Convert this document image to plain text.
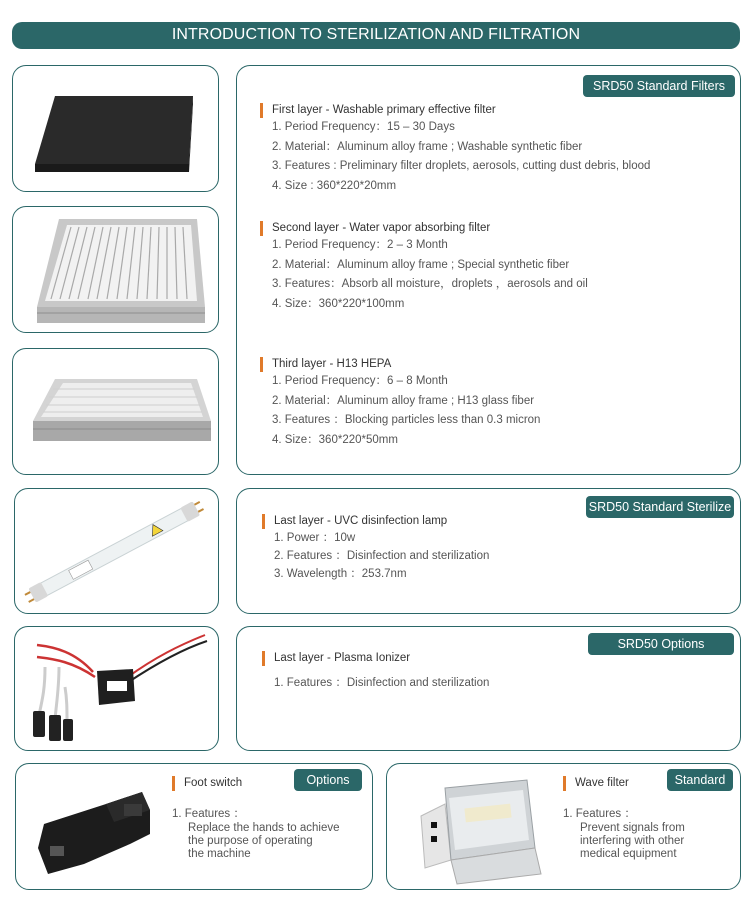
INTRODUCTION TO STERILIZATION AND FILTRATION
SRD50 Standard Filters
First layer - Washable primary effective filter
1. Period Frequency：15 – 30 Days
2. Material：Aluminum alloy frame ; Washable synthetic fiber
3. Features : Preliminary filter droplets, aerosols, cutting dust debris, blood
4. Size : 360*220*20mm
Second layer - Water vapor absorbing filter
1. Period Frequency：2 – 3 Month
2. Material：Aluminum alloy frame ; Special synthetic fiber
3. Features：Absorb all moisture，droplets ，aerosols and oil
4. Size：360*220*100mm
Third layer - H13 HEPA
1. Period Frequency：6 – 8 Month
2. Material：Aluminum alloy frame ; H13 glass fiber
3. Features ：Blocking particles less than 0.3 micron
4. Size：360*220*50mm
SRD50 Standard Sterilize
Last layer - UVC disinfection lamp
1. Power ：10w
2. Features ：Disinfection and sterilization
3. Wavelength ：253.7nm
SRD50 Options
Last layer - Plasma Ionizer
1. Features ：Disinfection and sterilization
Foot switch	Options
1. Features ：
Replace the hands to achieve
the purpose of operating
the machine
Wave filter	Standard
1. Features ：
Prevent signals from
interfering with other
medical equipment
